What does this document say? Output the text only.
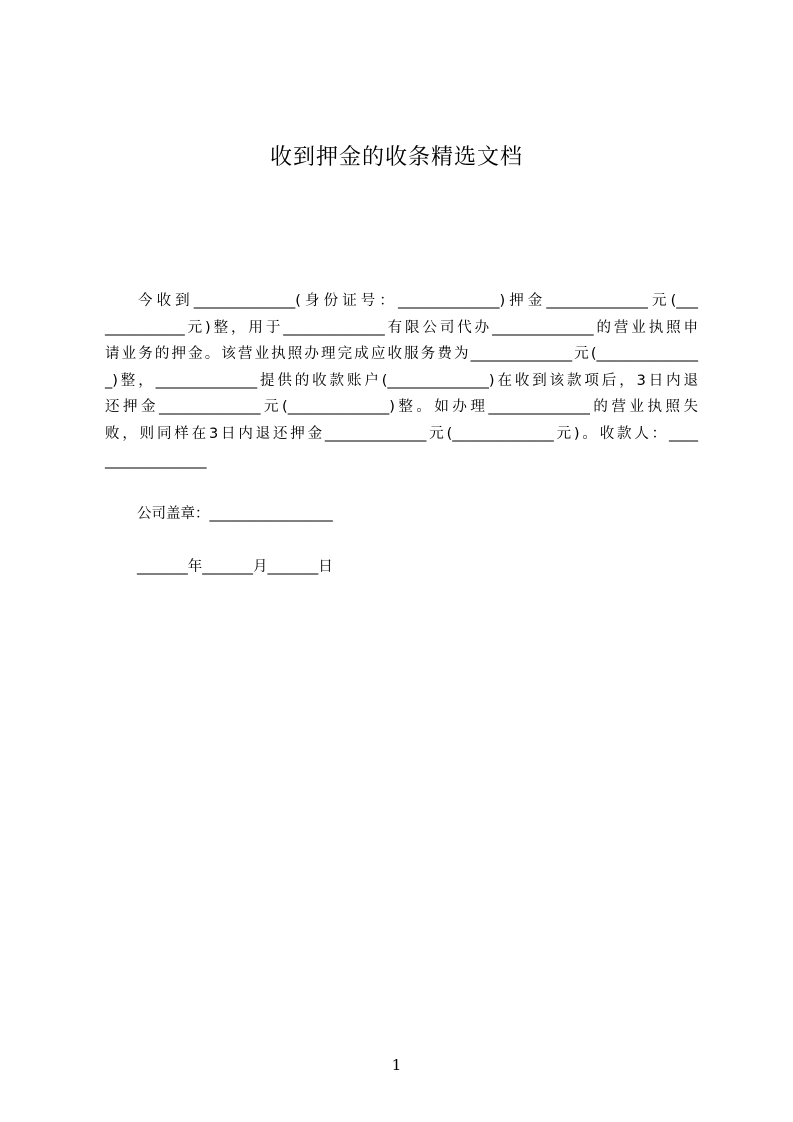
收到押金的收条精选文档
今收到______________(身份证号：______________)押金______________元(___
___________元)整，用于______________有限公司代办______________的营业执照申
请业务的押金。该营业执照办理完成应收服务费为______________元(______________
_)整，______________提供的收款账户(______________)在收到该款项后，3日内退
还押金______________元(______________)整。如办理______________的营业执照失
败，则同样在3日内退还押金______________元(______________元)。收款人：____
______________
公司盖章：_________________
_______年_______月_______日
1
